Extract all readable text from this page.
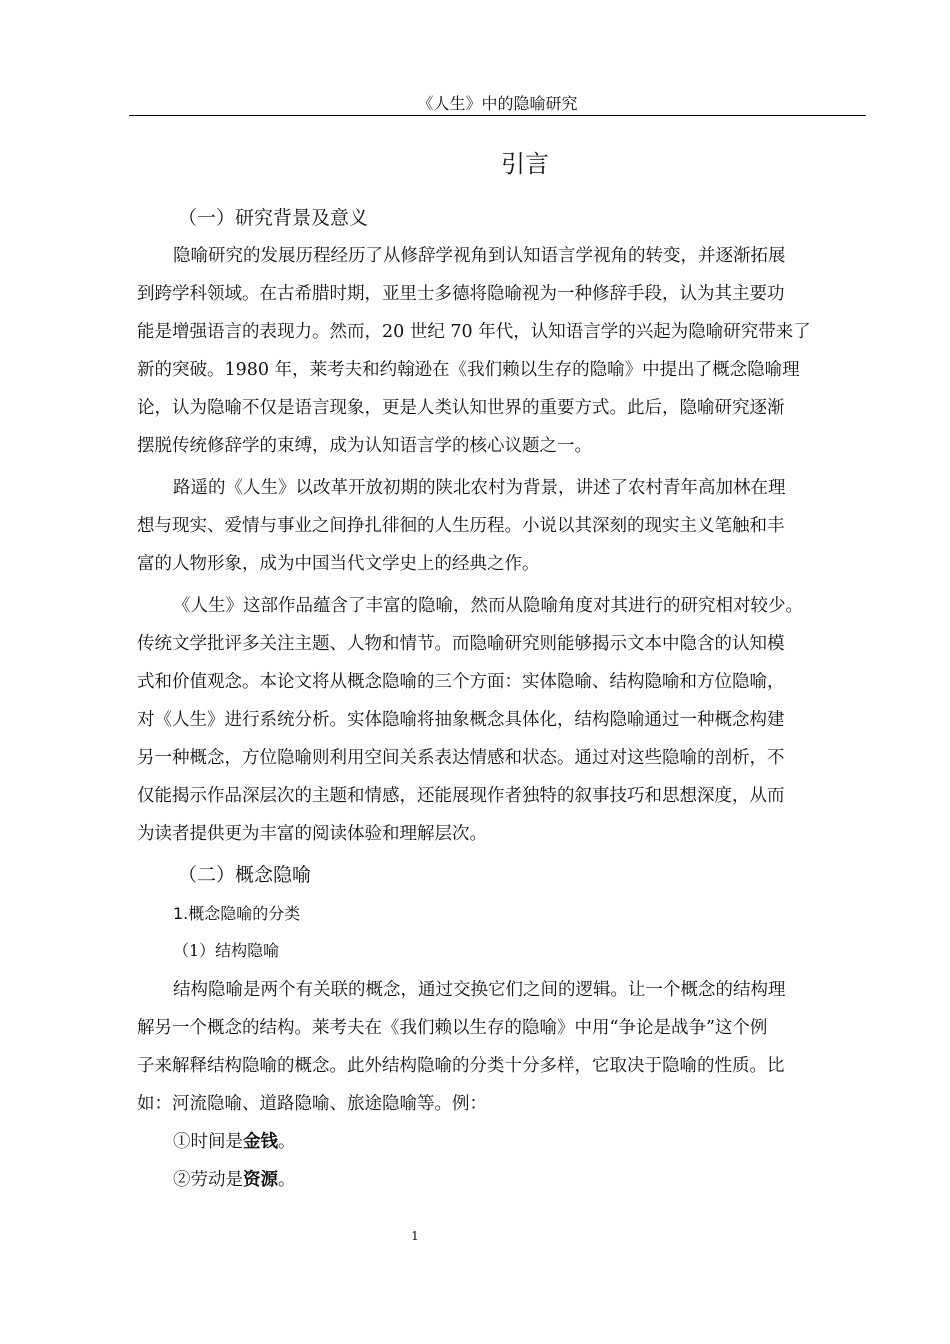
《人生》中的隐喻研究
引言
（一）研究背景及意义
隐喻研究的发展历程经历了从修辞学视角到认知语言学视角的转变，并逐渐拓展
到跨学科领域。在古希腊时期，亚里士多德将隐喻视为一种修辞手段，认为其主要功
能是增强语言的表现力。然而，20 世纪 70 年代，认知语言学的兴起为隐喻研究带来了
新的突破。1980 年，莱考夫和约翰逊在《我们赖以生存的隐喻》中提出了概念隐喻理
论，认为隐喻不仅是语言现象，更是人类认知世界的重要方式。此后，隐喻研究逐渐
摆脱传统修辞学的束缚，成为认知语言学的核心议题之一。
路遥的《人生》以改革开放初期的陕北农村为背景，讲述了农村青年高加林在理
想与现实、爱情与事业之间挣扎徘徊的人生历程。小说以其深刻的现实主义笔触和丰
富的人物形象，成为中国当代文学史上的经典之作。
《人生》这部作品蕴含了丰富的隐喻，然而从隐喻角度对其进行的研究相对较少。
传统文学批评多关注主题、人物和情节。而隐喻研究则能够揭示文本中隐含的认知模
式和价值观念。本论文将从概念隐喻的三个方面：实体隐喻、结构隐喻和方位隐喻，
对《人生》进行系统分析。实体隐喻将抽象概念具体化，结构隐喻通过一种概念构建
另一种概念，方位隐喻则利用空间关系表达情感和状态。通过对这些隐喻的剖析，不
仅能揭示作品深层次的主题和情感，还能展现作者独特的叙事技巧和思想深度，从而
为读者提供更为丰富的阅读体验和理解层次。
（二）概念隐喻
1.概念隐喻的分类
（1）结构隐喻
结构隐喻是两个有关联的概念，通过交换它们之间的逻辑。让一个概念的结构理
解另一个概念的结构。莱考夫在《我们赖以生存的隐喻》中用“争论是战争”这个例
子来解释结构隐喻的概念。此外结构隐喻的分类十分多样，它取决于隐喻的性质。比
如：河流隐喻、道路隐喻、旅途隐喻等。例：
①时间是金钱。
②劳动是资源。
1
